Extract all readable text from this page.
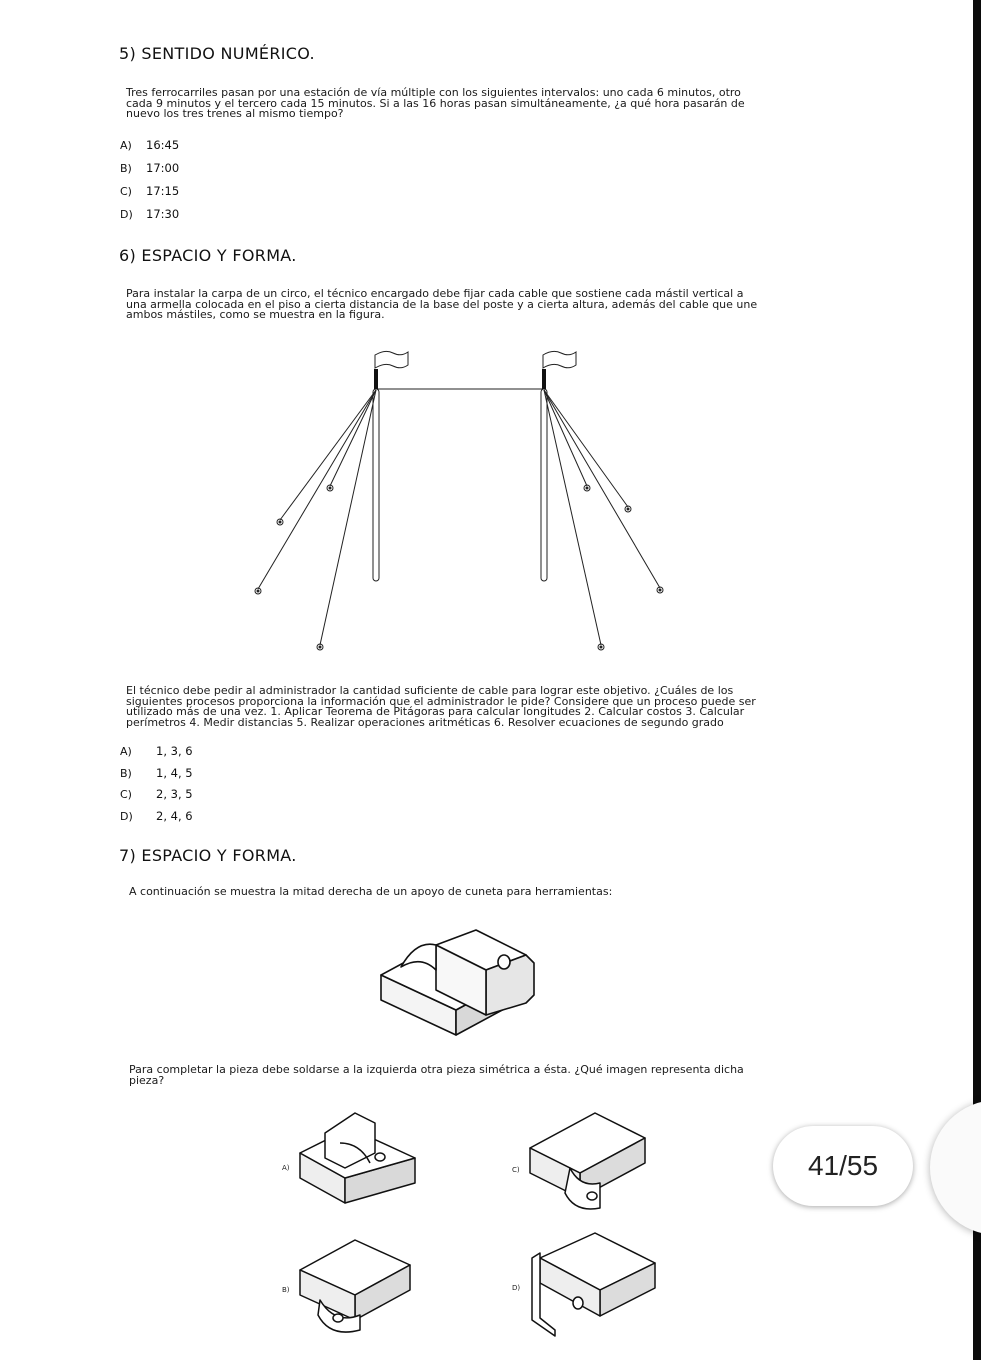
5) SENTIDO NUMÉRICO.
Tres ferrocarriles pasan por una estación de vía múltiple con los siguientes intervalos: uno cada 6 minutos, otro
cada 9 minutos y el tercero cada 15 minutos. Si a las 16 horas pasan simultáneamente, ¿a qué hora pasarán de
nuevo los tres trenes al mismo tiempo?
A) 16:45
B) 17:00
C) 17:15
D) 17:30
6) ESPACIO Y FORMA.
Para instalar la carpa de un circo, el técnico encargado debe fijar cada cable que sostiene cada mástil vertical a
una armella colocada en el piso a cierta distancia de la base del poste y a cierta altura, además del cable que une
ambos mástiles, como se muestra en la figura.
El técnico debe pedir al administrador la cantidad suficiente de cable para lograr este objetivo. ¿Cuáles de los
siguientes procesos proporciona la información que el administrador le pide? Considere que un proceso puede ser
utilizado más de una vez. 1. Aplicar Teorema de Pitágoras para calcular longitudes 2. Calcular costos 3. Calcular
perímetros 4. Medir distancias 5. Realizar operaciones aritméticas 6. Resolver ecuaciones de segundo grado
A) 1, 3, 6
B) 1, 4, 5
C) 2, 3, 5
D) 2, 4, 6
7) ESPACIO Y FORMA.
A continuación se muestra la mitad derecha de un apoyo de cuneta para herramientas:
Para completar la pieza debe soldarse a la izquierda otra pieza simétrica a ésta. ¿Qué imagen representa dicha
pieza?
A)	C)
B)	D)
41/55
